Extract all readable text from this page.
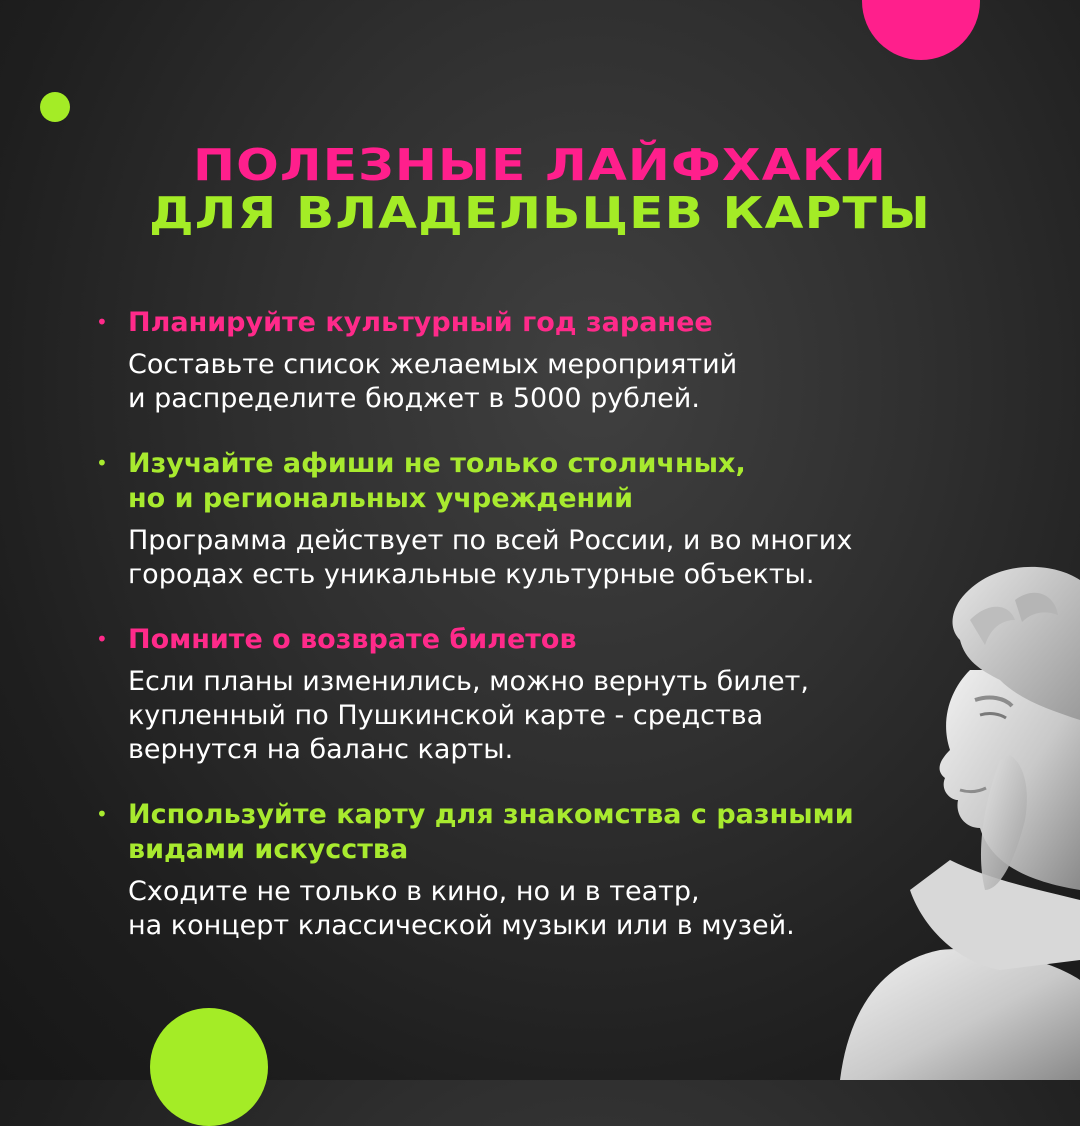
ПОЛЕЗНЫЕ ЛАЙФХАКИ
ДЛЯ ВЛАДЕЛЬЦЕВ КАРТЫ
• Планируйте культурный год заранее
Составьте список желаемых мероприятий
и распределите бюджет в 5000 рублей.
• Изучайте афиши не только столичных,
но и региональных учреждений
Программа действует по всей России, и во многих
городах есть уникальные культурные объекты.
• Помните о возврате билетов
Если планы изменились, можно вернуть билет,
купленный по Пушкинской карте - средства
вернутся на баланс карты.
• Используйте карту для знакомства с разными
видами искусства
Сходите не только в кино, но и в театр,
на концерт классической музыки или в музей.
